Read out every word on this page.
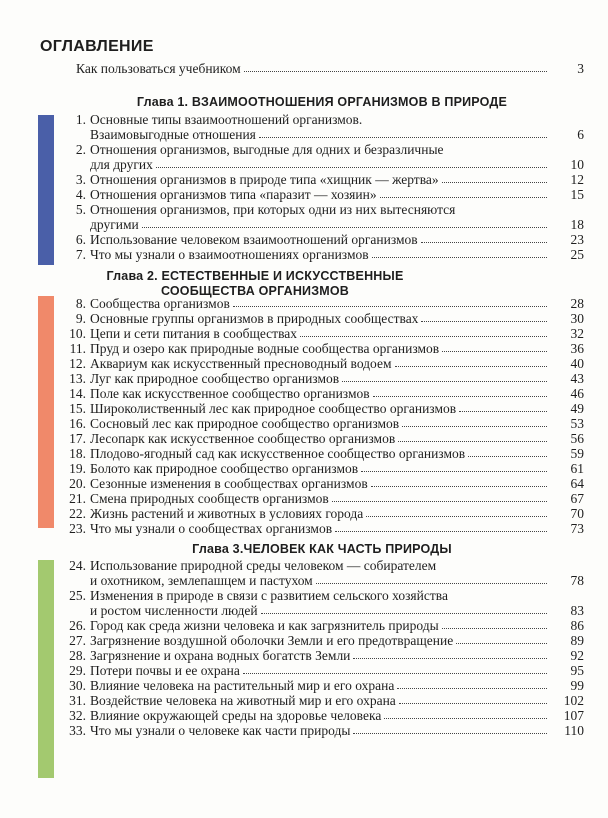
ОГЛАВЛЕНИЕ
Как пользоваться учебником	3
Глава 1. ВЗАИМООТНОШЕНИЯ ОРГАНИЗМОВ В ПРИРОДЕ
1. Основные типы взаимоотношений организмов.
Взаимовыгодные отношения	6
2. Отношения организмов, выгодные для одних и безразличные
для других	10
3. Отношения организмов в природе типа «хищник — жертва»	12
4. Отношения организмов типа «паразит — хозяин»	15
5. Отношения организмов, при которых одни из них вытесняются
другими	18
6. Использование человеком взаимоотношений организмов	23
7. Что мы узнали о взаимоотношениях организмов	25
Глава 2. ЕСТЕСТВЕННЫЕ И ИСКУССТВЕННЫЕ
СООБЩЕСТВА ОРГАНИЗМОВ
8. Сообщества организмов	28
9. Основные группы организмов в природных сообществах	30
10. Цепи и сети питания в сообществах	32
11. Пруд и озеро как природные водные сообщества организмов	36
12. Аквариум как искусственный пресноводный водоем	40
13. Луг как природное сообщество организмов	43
14. Поле как искусственное сообщество организмов	46
15. Широколиственный лес как природное сообщество организмов	49
16. Сосновый лес как природное сообщество организмов	53
17. Лесопарк как искусственное сообщество организмов	56
18. Плодово-ягодный сад как искусственное сообщество организмов	59
19. Болото как природное сообщество организмов	61
20. Сезонные изменения в сообществах организмов	64
21. Смена природных сообществ организмов	67
22. Жизнь растений и животных в условиях города	70
23. Что мы узнали о сообществах организмов	73
Глава 3.ЧЕЛОВЕК КАК ЧАСТЬ ПРИРОДЫ
24. Использование природной среды человеком — собирателем
и охотником, землепашцем и пастухом	78
25. Изменения в природе в связи с развитием сельского хозяйства
и ростом численности людей	83
26. Город как среда жизни человека и как загрязнитель природы	86
27. Загрязнение воздушной оболочки Земли и его предотвращение	89
28. Загрязнение и охрана водных богатств Земли	92
29. Потери почвы и ее охрана	95
30. Влияние человека на растительный мир и его охрана	99
31. Воздействие человека на животный мир и его охрана	102
32. Влияние окружающей среды на здоровье человека	107
33. Что мы узнали о человеке как части природы	110
